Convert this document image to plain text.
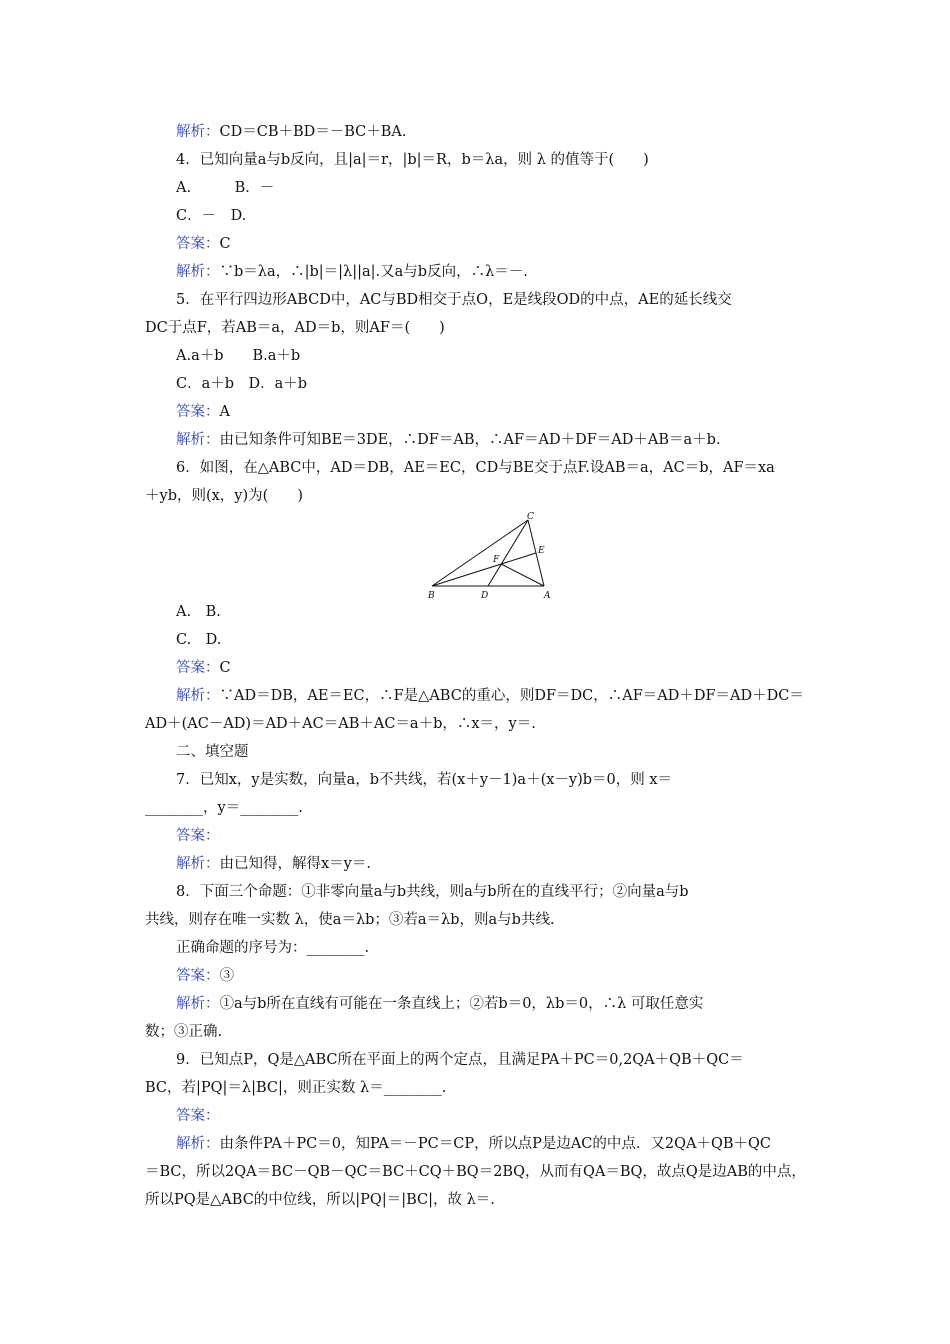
解析：CD＝CB＋BD＝－BC＋BA.
4．已知向量a与b反向，且|a|＝r，|b|＝R，b＝λa，则 λ 的值等于(　　)
A.　　　B．－
C．－　D.
答案：C
解析：∵b＝λa，∴|b|＝|λ||a|.又a与b反向，∴λ＝－.
5．在平行四边形ABCD中，AC与BD相交于点O，E是线段OD的中点，AE的延长线交
DC于点F，若AB＝a，AD＝b，则AF＝(　　)
A.a＋b　　B.a＋b
C．a＋b　D．a＋b
答案：A
解析：由已知条件可知BE＝3DE，∴DF＝AB，∴AF＝AD＋DF＝AD＋AB＝a＋b.
6．如图，在△ABC中，AD＝DB，AE＝EC，CD与BE交于点F.设AB＝a，AC＝b，AF＝xa
＋yb，则(x，y)为(　　)
C
E
F
B	D	A
A.　B.
C.　D.
答案：C
解析：∵AD＝DB，AE＝EC，∴F是△ABC的重心，则DF＝DC，∴AF＝AD＋DF＝AD＋DC＝
AD＋(AC－AD)＝AD＋AC＝AB＋AC＝a＋b，∴x＝，y＝.
二、填空题
7．已知x，y是实数，向量a，b不共线，若(x＋y－1)a＋(x－y)b＝0，则 x＝
________，y＝________.
答案：
解析：由已知得，解得x＝y＝.
8．下面三个命题：①非零向量a与b共线，则a与b所在的直线平行；②向量a与b
共线，则存在唯一实数 λ，使a＝λb；③若a＝λb，则a与b共线.
正确命题的序号为：________.
答案：③
解析：①a与b所在直线有可能在一条直线上；②若b＝0，λb＝0，∴λ 可取任意实
数；③正确.
9．已知点P，Q是△ABC所在平面上的两个定点，且满足PA＋PC＝0,2QA＋QB＋QC＝
BC，若|PQ|＝λ|BC|，则正实数 λ＝________.
答案：
解析：由条件PA＋PC＝0，知PA＝－PC＝CP，所以点P是边AC的中点．又2QA＋QB＋QC
＝BC，所以2QA＝BC－QB－QC＝BC＋CQ＋BQ＝2BQ，从而有QA＝BQ，故点Q是边AB的中点，
所以PQ是△ABC的中位线，所以|PQ|＝|BC|，故 λ＝.
